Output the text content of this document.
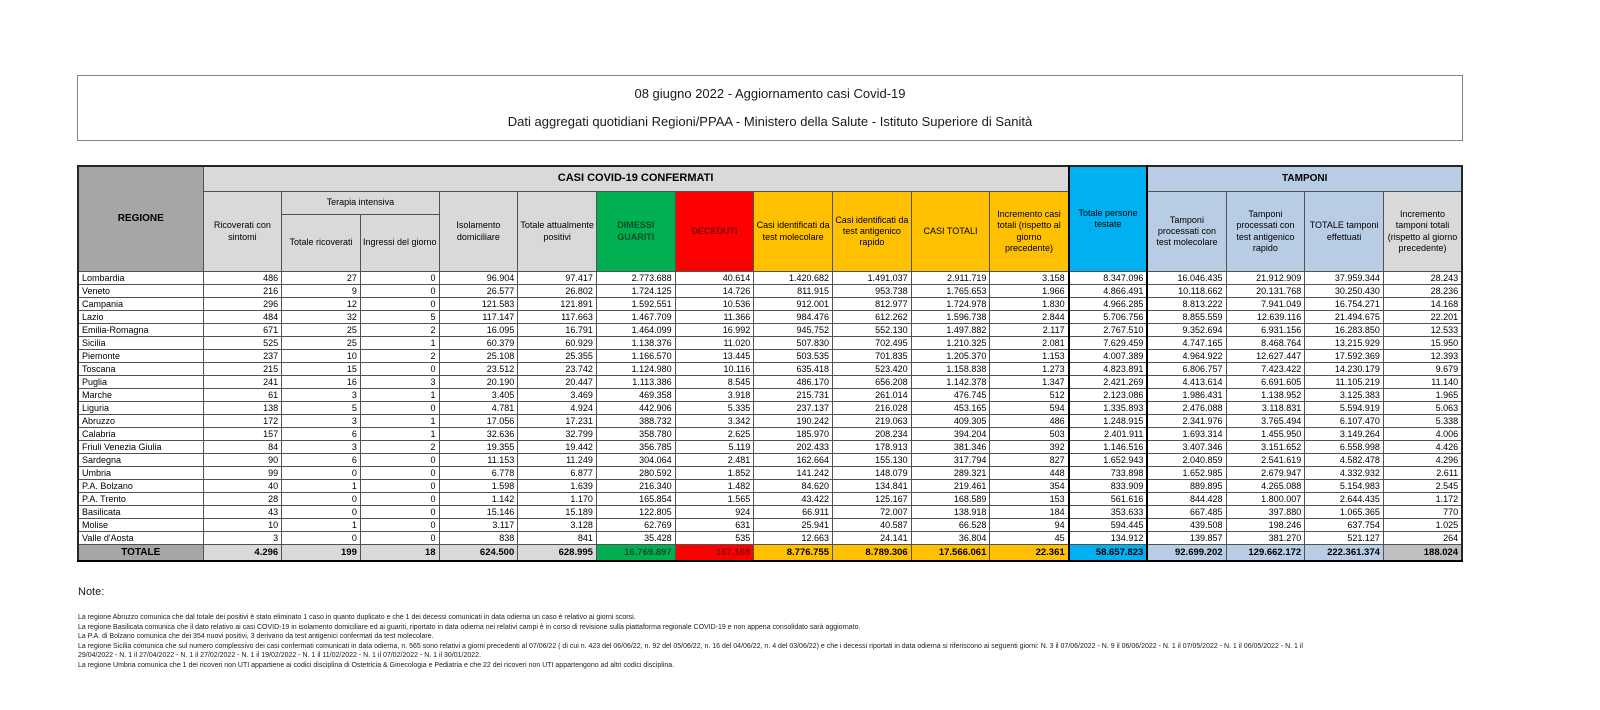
08 giugno 2022 - Aggiornamento casi Covid-19
Dati aggregati quotidiani Regioni/PPAA - Ministero della Salute - Istituto Superiore di Sanità
REGIONE	CASI COVID-19 CONFERMATI											Totale persone testate	TAMPONI			
	Ricoverati con sintomi	Terapia intensiva		Isolamento domiciliare	Totale attualmente positivi	DIMESSI GUARITI	DECEDUTI	Casi identificati da test molecolare	Casi identificati da test antigenico rapido	CASI TOTALI	Incremento casi totali (rispetto al giorno precedente)		Tamponi processati con test molecolare	Tamponi processati con test antigenico rapido	TOTALE tamponi effettuati	Incremento tamponi totali (rispetto al giorno precedente)
		Totale ricoverati	Ingressi del giorno													
Lombardia	486	27	0	96.904	97.417	2.773.688	40.614	1.420.682	1.491.037	2.911.719	3.158	8.347.096	16.046.435	21.912.909	37.959.344	28.243
Veneto	216	9	0	26.577	26.802	1.724.125	14.726	811.915	953.738	1.765.653	1.966	4.866.491	10.118.662	20.131.768	30.250.430	28.236
Campania	296	12	0	121.583	121.891	1.592.551	10.536	912.001	812.977	1.724.978	1.830	4.966.285	8.813.222	7.941.049	16.754.271	14.168
Lazio	484	32	5	117.147	117.663	1.467.709	11.366	984.476	612.262	1.596.738	2.844	5.706.756	8.855.559	12.639.116	21.494.675	22.201
Emilia-Romagna	671	25	2	16.095	16.791	1.464.099	16.992	945.752	552.130	1.497.882	2.117	2.767.510	9.352.694	6.931.156	16.283.850	12.533
Sicilia	525	25	1	60.379	60.929	1.138.376	11.020	507.830	702.495	1.210.325	2.081	7.629.459	4.747.165	8.468.764	13.215.929	15.950
Piemonte	237	10	2	25.108	25.355	1.166.570	13.445	503.535	701.835	1.205.370	1.153	4.007.389	4.964.922	12.627.447	17.592.369	12.393
Toscana	215	15	0	23.512	23.742	1.124.980	10.116	635.418	523.420	1.158.838	1.273	4.823.891	6.806.757	7.423.422	14.230.179	9.679
Puglia	241	16	3	20.190	20.447	1.113.386	8.545	486.170	656.208	1.142.378	1.347	2.421.269	4.413.614	6.691.605	11.105.219	11.140
Marche	61	3	1	3.405	3.469	469.358	3.918	215.731	261.014	476.745	512	2.123.086	1.986.431	1.138.952	3.125.383	1.965
Liguria	138	5	0	4.781	4.924	442.906	5.335	237.137	216.028	453.165	594	1.335.893	2.476.088	3.118.831	5.594.919	5.063
Abruzzo	172	3	1	17.056	17.231	388.732	3.342	190.242	219.063	409.305	486	1.248.915	2.341.976	3.765.494	6.107.470	5.338
Calabria	157	6	1	32.636	32.799	358.780	2.625	185.970	208.234	394.204	503	2.401.911	1.693.314	1.455.950	3.149.264	4.006
Friuli Venezia Giulia	84	3	2	19.355	19.442	356.785	5.119	202.433	178.913	381.346	392	1.146.516	3.407.346	3.151.652	6.558.998	4.426
Sardegna	90	6	0	11.153	11.249	304.064	2.481	162.664	155.130	317.794	827	1.652.943	2.040.859	2.541.619	4.582.478	4.296
Umbria	99	0	0	6.778	6.877	280.592	1.852	141.242	148.079	289.321	448	733.898	1.652.985	2.679.947	4.332.932	2.611
P.A. Bolzano	40	1	0	1.598	1.639	216.340	1.482	84.620	134.841	219.461	354	833.909	889.895	4.265.088	5.154.983	2.545
P.A. Trento	28	0	0	1.142	1.170	165.854	1.565	43.422	125.167	168.589	153	561.616	844.428	1.800.007	2.644.435	1.172
Basilicata	43	0	0	15.146	15.189	122.805	924	66.911	72.007	138.918	184	353.633	667.485	397.880	1.065.365	770
Molise	10	1	0	3.117	3.128	62.769	631	25.941	40.587	66.528	94	594.445	439.508	198.246	637.754	1.025
Valle d'Aosta	3	0	0	838	841	35.428	535	12.663	24.141	36.804	45	134.912	139.857	381.270	521.127	264
TOTALE	4.296	199	18	624.500	628.995	16.769.897	167.169	8.776.755	8.789.306	17.566.061	22.361	58.657.823	92.699.202	129.662.172	222.361.374	188.024
Note:
La regione Abruzzo comunica che dal totale dei positivi è stato eliminato 1 caso in quanto duplicato e che 1 dei decessi comunicati in data odierna un caso è relativo ai giorni scorsi.
La regione Basilicata comunica che il dato relativo ai casi COVID-19 in isolamento domiciliare ed ai guariti, riportato in data odierna nei relativi campi è in corso di revisione sulla piattaforma regionale COVID-19 e non appena consolidato sarà aggiornato.
La P.A. di Bolzano comunica che dei 354 nuovi positivi, 3 derivano da test antigenici confermati da test molecolare.
La regione Sicilia comunica che sul numero complessivo dei casi confermati comunicati in data odierna, n. 565 sono relativi a giorni precedenti al 07/06/22 ( di cui n. 423 del 06/06/22, n. 92 del 05/06/22, n. 16 del 04/06/22, n. 4 del 03/06/22) e che i decessi riportati in data odierna si riferiscono ai seguenti giorni: N. 3 il 07/06/2022 - N. 9 il 06/06/2022 - N. 1 il 07/05/2022 - N. 1 il 06/05/2022 - N. 1 il
29/04/2022 - N. 1 il 27/04/2022 - N. 1 il 27/02/2022 - N. 1 il 19/02/2022 - N. 1 il 11/02/2022 - N. 1 il 07/02/2022 - N. 1 il 30/01/2022.
La regione Umbria comunica che 1 dei ricoveri non UTI appartiene ai codici disciplina di Ostetricia & Ginecologia e Pediatria e che 22 dei ricoveri non UTI appartengono ad altri codici disciplina.
